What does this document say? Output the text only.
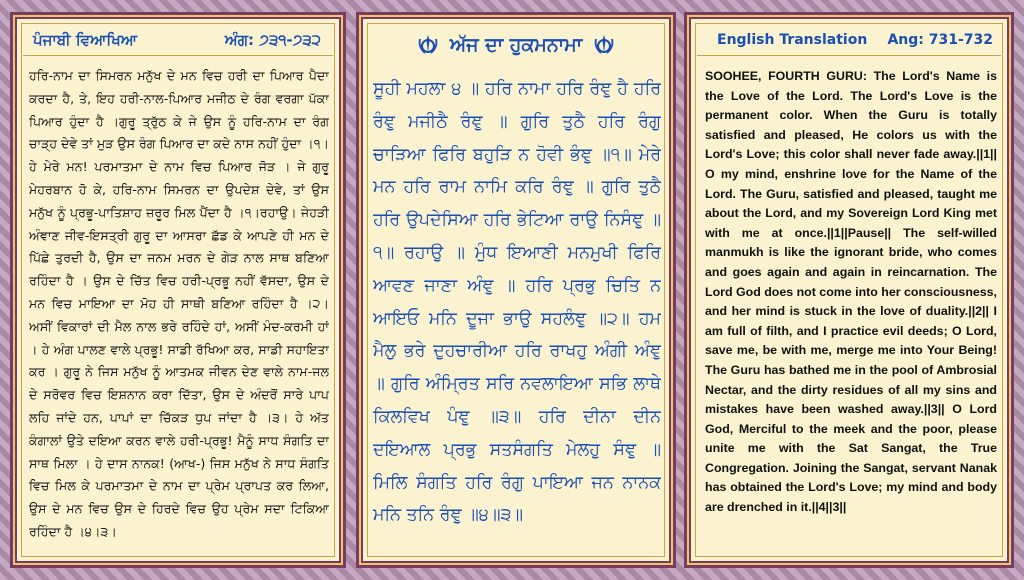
ਪੰਜਾਬੀ ਵਿਆਖਿਆ	ਅੰਗ: ੭੩੧-੭੩੨
ਹਰਿ-ਨਾਮ ਦਾ ਸਿਮਰਨ ਮਨੁੱਖ ਦੇ ਮਨ ਵਿਚ ਹਰੀ ਦਾ ਪਿਆਰ ਪੈਦਾ ਕਰਦਾ ਹੈ, ਤੇ, ਇਹ ਹਰੀ-ਨਾਲ-ਪਿਆਰ ਮਜੀਠ ਦੇ ਰੰਗ ਵਰਗਾ ਪੱਕਾ ਪਿਆਰ ਹੁੰਦਾ ਹੈ ।ਗੁਰੂ ਤ੍ਰੁੱਠ ਕੇ ਜੇ ਉਸ ਨੂੰ ਹਰਿ-ਨਾਮ ਦਾ ਰੰਗ ਚਾੜ੍ਹ ਦੇਵੇ ਤਾਂ ਮੁੜ ਉਸ ਰੰਗ ਪਿਆਰ ਦਾ ਕਦੇ ਨਾਸ ਨਹੀਂ ਹੁੰਦਾ ।੧। ਹੇ ਮੇਰੇ ਮਨ! ਪਰਮਾਤਮਾ ਦੇ ਨਾਮ ਵਿਚ ਪਿਆਰ ਜੋੜ । ਜੇ ਗੁਰੂ ਮੇਹਰਬਾਨ ਹੋ ਕੇ, ਹਰਿ-ਨਾਮ ਸਿਮਰਨ ਦਾ ਉਪਦੇਸ਼ ਦੇਵੇ, ਤਾਂ ਉਸ ਮਨੁੱਖ ਨੂੰ ਪ੍ਰਭੂ-ਪਾਤਿਸ਼ਾਹ ਜ਼ਰੂਰ ਮਿਲ ਪੈਂਦਾ ਹੈ ।੧।ਰਹਾਉ। ਜੇਹੜੀ ਅੰਞਾਣ ਜੀਵ-ਇਸਤ੍ਰੀ ਗੁਰੂ ਦਾ ਆਸਰਾ ਛੱਡ ਕੇ ਆਪਣੇ ਹੀ ਮਨ ਦੇ ਪਿੱਛੇ ਤੁਰਦੀ ਹੈ, ਉਸ ਦਾ ਜਨਮ ਮਰਨ ਦੇ ਗੇੜ ਨਾਲ ਸਾਥ ਬਣਿਆ ਰਹਿੰਦਾ ਹੈ । ਉਸ ਦੇ ਚਿੱਤ ਵਿਚ ਹਰੀ-ਪ੍ਰਭੂ ਨਹੀਂ ਵੱਸਦਾ, ਉਸ ਦੇ ਮਨ ਵਿਚ ਮਾਇਆ ਦਾ ਮੋਹ ਹੀ ਸਾਥੀ ਬਣਿਆ ਰਹਿੰਦਾ ਹੈ ।੨। ਅਸੀਂ ਵਿਕਾਰਾਂ ਦੀ ਮੈਲ ਨਾਲ ਭਰੇ ਰਹਿੰਦੇ ਹਾਂ, ਅਸੀਂ ਮੰਦ-ਕਰਮੀ ਹਾਂ । ਹੇ ਅੰਗ ਪਾਲਣ ਵਾਲੇ ਪ੍ਰਭੂ! ਸਾਡੀ ਰੱਖਿਆ ਕਰ, ਸਾਡੀ ਸਹਾਇਤਾ ਕਰ । ਗੁਰੂ ਨੇ ਜਿਸ ਮਨੁੱਖ ਨੂੰ ਆਤਮਕ ਜੀਵਨ ਦੇਣ ਵਾਲੇ ਨਾਮ-ਜਲ ਦੇ ਸਰੋਵਰ ਵਿਚ ਇਸ਼ਨਾਨ ਕਰਾ ਦਿੱਤਾ, ਉਸ ਦੇ ਅੰਦਰੋਂ ਸਾਰੇ ਪਾਪ ਲਹਿ ਜਾਂਦੇ ਹਨ, ਪਾਪਾਂ ਦਾ ਚਿੱਕੜ ਧੁਪ ਜਾਂਦਾ ਹੈ ।੩। ਹੇ ਅੱਤ ਕੰਗਾਲਾਂ ਉਤੇ ਦਇਆ ਕਰਨ ਵਾਲੇ ਹਰੀ-ਪ੍ਰਭੂ! ਮੈਨੂੰ ਸਾਧ ਸੰਗਤਿ ਦਾ ਸਾਥ ਮਿਲਾ । ਹੇ ਦਾਸ ਨਾਨਕ! (ਆਖ-) ਜਿਸ ਮਨੁੱਖ ਨੇ ਸਾਧ ਸੰਗਤਿ ਵਿਚ ਮਿਲ ਕੇ ਪਰਮਾਤਮਾ ਦੇ ਨਾਮ ਦਾ ਪ੍ਰੇਮ ਪ੍ਰਾਪਤ ਕਰ ਲਿਆ, ਉਸ ਦੇ ਮਨ ਵਿਚ ਉਸ ਦੇ ਹਿਰਦੇ ਵਿਚ ਉਹ ਪ੍ਰੇਮ ਸਦਾ ਟਿਕਿਆ ਰਹਿੰਦਾ ਹੈ ।੪।੩।
ਅੱਜ ਦਾ ਹੁਕਮਨਾਮਾ
ਸੂਹੀ ਮਹਲਾ ੪ ॥ ਹਰਿ ਨਾਮਾ ਹਰਿ ਰੰਞੁ ਹੈ ਹਰਿ ਰੰਞੁ ਮਜੀਠੈ ਰੰਞੁ ॥ ਗੁਰਿ ਤੁਠੈ ਹਰਿ ਰੰਗੁ ਚਾੜਿਆ ਫਿਰਿ ਬਹੁੜਿ ਨ ਹੋਵੀ ਭੰਞੁ ॥੧॥ ਮੇਰੇ ਮਨ ਹਰਿ ਰਾਮ ਨਾਮਿ ਕਰਿ ਰੰਞੁ ॥ ਗੁਰਿ ਤੁਠੈ ਹਰਿ ਉਪਦੇਸਿਆ ਹਰਿ ਭੇਟਿਆ ਰਾਉ ਨਿਸੰਞੁ ॥੧॥ ਰਹਾਉ ॥ ਮੁੰਧ ਇਆਣੀ ਮਨਮੁਖੀ ਫਿਰਿ ਆਵਣ ਜਾਣਾ ਅੰਞੁ ॥ ਹਰਿ ਪ੍ਰਭੁ ਚਿਤਿ ਨ ਆਇਓ ਮਨਿ ਦੂਜਾ ਭਾਉ ਸਹਲੰਞੁ ॥੨॥ ਹਮ ਮੈਲੁ ਭਰੇ ਦੁਹਚਾਰੀਆ ਹਰਿ ਰਾਖਹੁ ਅੰਗੀ ਅੰਞੁ ॥ ਗੁਰਿ ਅੰਮ੍ਰਿਤ ਸਰਿ ਨਵਲਾਇਆ ਸਭਿ ਲਾਥੇ ਕਿਲਵਿਖ ਪੰਞੁ ॥੩॥ ਹਰਿ ਦੀਨਾ ਦੀਨ ਦਇਆਲ ਪ੍ਰਭੁ ਸਤਸੰਗਤਿ ਮੇਲਹੁ ਸੰਞੁ ॥ ਮਿਲਿ ਸੰਗਤਿ ਹਰਿ ਰੰਗੁ ਪਾਇਆ ਜਨ ਨਾਨਕ ਮਨਿ ਤਨਿ ਰੰਞੁ ॥੪॥੩॥
English Translation Ang: 731-732
SOOHEE, FOURTH GURU: The Lord's Name is the Love of the Lord. The Lord's Love is the permanent color. When the Guru is totally satisfied and pleased, He colors us with the Lord's Love; this color shall never fade away.||1|| O my mind, enshrine love for the Name of the Lord. The Guru, satisfied and pleased, taught me about the Lord, and my Sovereign Lord King met with me at once.||1||Pause|| The self-willed manmukh is like the ignorant bride, who comes and goes again and again in reincarnation. The Lord God does not come into her consciousness, and her mind is stuck in the love of duality.||2|| I am full of filth, and I practice evil deeds; O Lord, save me, be with me, merge me into Your Being! The Guru has bathed me in the pool of Ambrosial Nectar, and the dirty residues of all my sins and mistakes have been washed away.||3|| O Lord God, Merciful to the meek and the poor, please unite me with the Sat Sangat, the True Congregation. Joining the Sangat, servant Nanak has obtained the Lord's Love; my mind and body are drenched in it.||4||3||
